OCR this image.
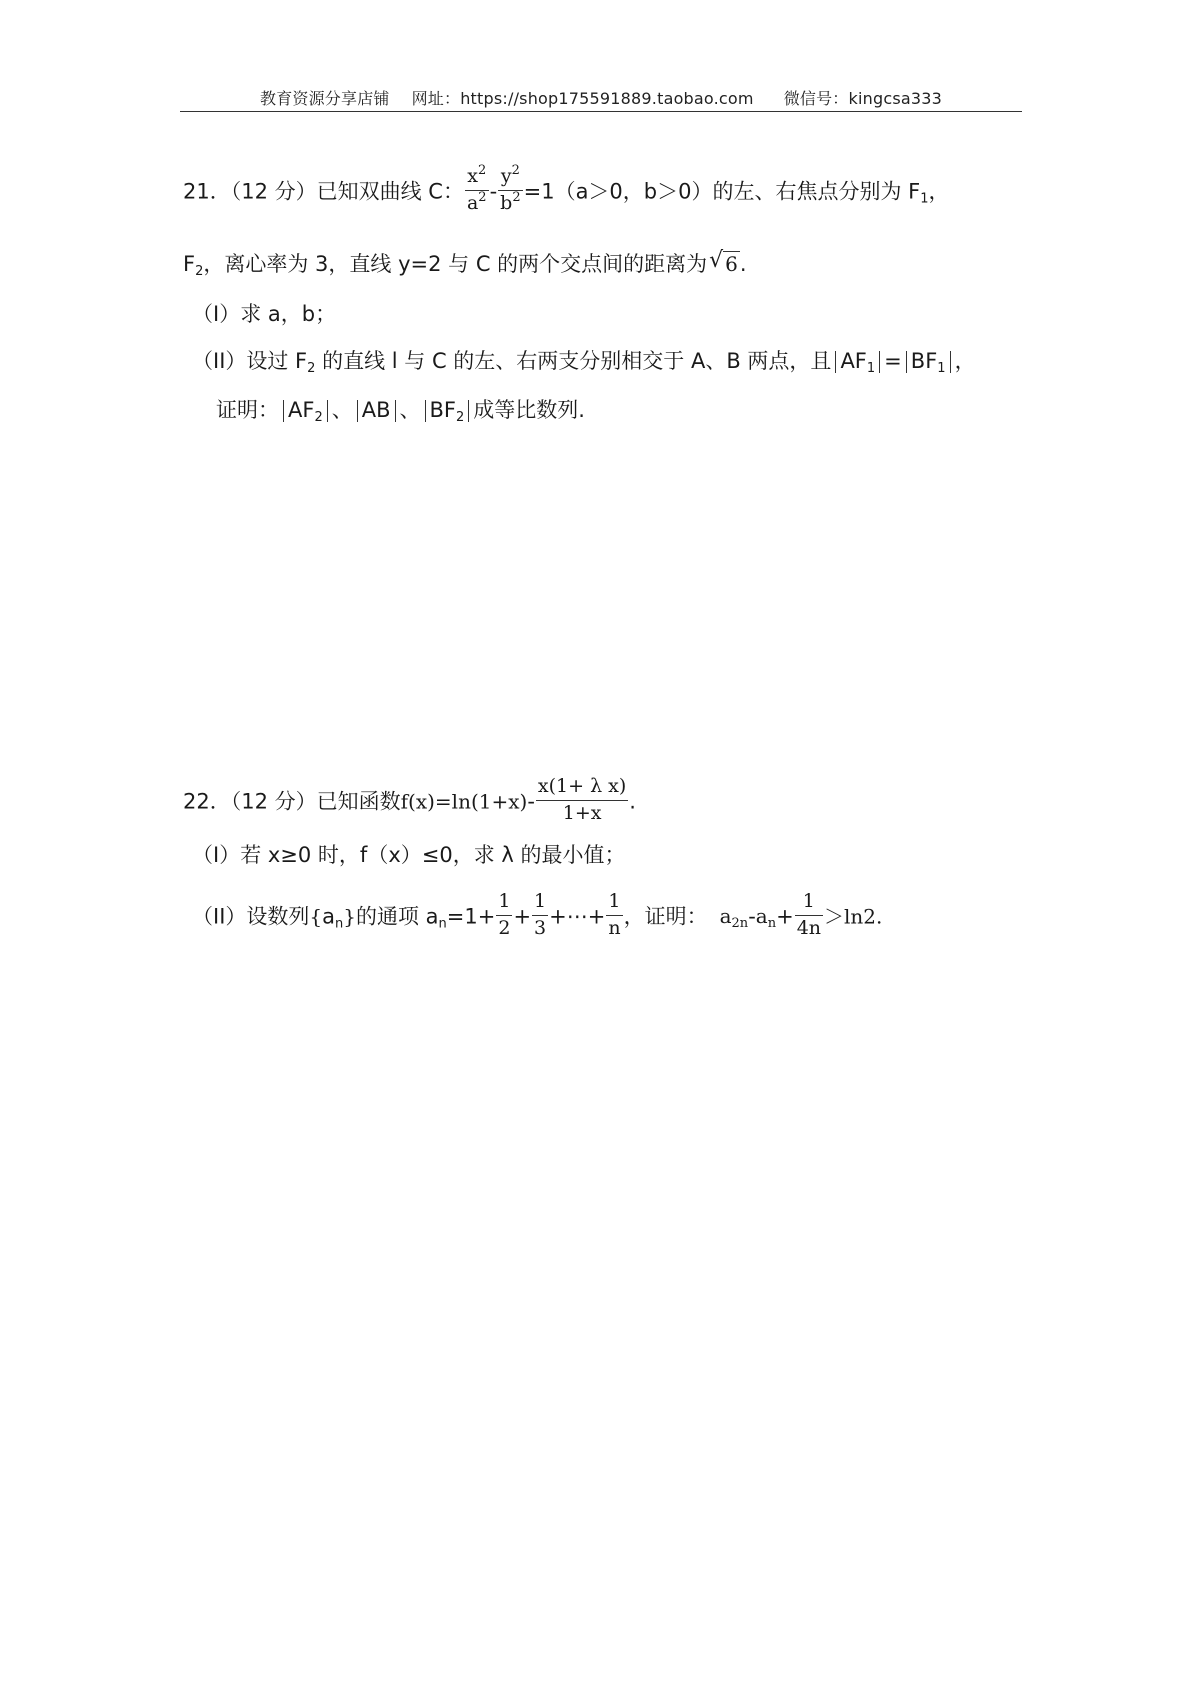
教育资源分享店铺 网址：https://shop175591889.taobao.com 微信号：kingcsa333
21．（12 分）已知双曲线 C： $\frac{x^2}{a^2} - \frac{y^2}{b^2} =1(a>0$，b＞0）的左、右焦点分别为 $F_1$，
$F_2$，离心率为 3，直线 y=2 与 C 的两个交点间的距离为 √ 6.
（I）求 a，b；
（II）设过 $F_2$ 的直线 l 与 C 的左、右两支分别相交于 A、B 两点，且 $AF_1 = BF_1$ ，
证明： $AF_2$ 、 AB 、 $BF_2$ 成等比数列.
22．（12 分）已知函数$f(x)=\ln(1+x)- \frac{\text{x(1+ λ x)}}{1+x}$ .
（I）若 x≥0 时，f（x）≤0，求 λ 的最小值；
（II）设数列$\{a_n\}$的通项 $a_n=1+ \frac{1}{2} + \frac{1}{3}$ +⋯+ $\frac{1}{n}$ ，证明： $a_{2n}-a_n+ \frac{1}{4n} >\ln 2$.
